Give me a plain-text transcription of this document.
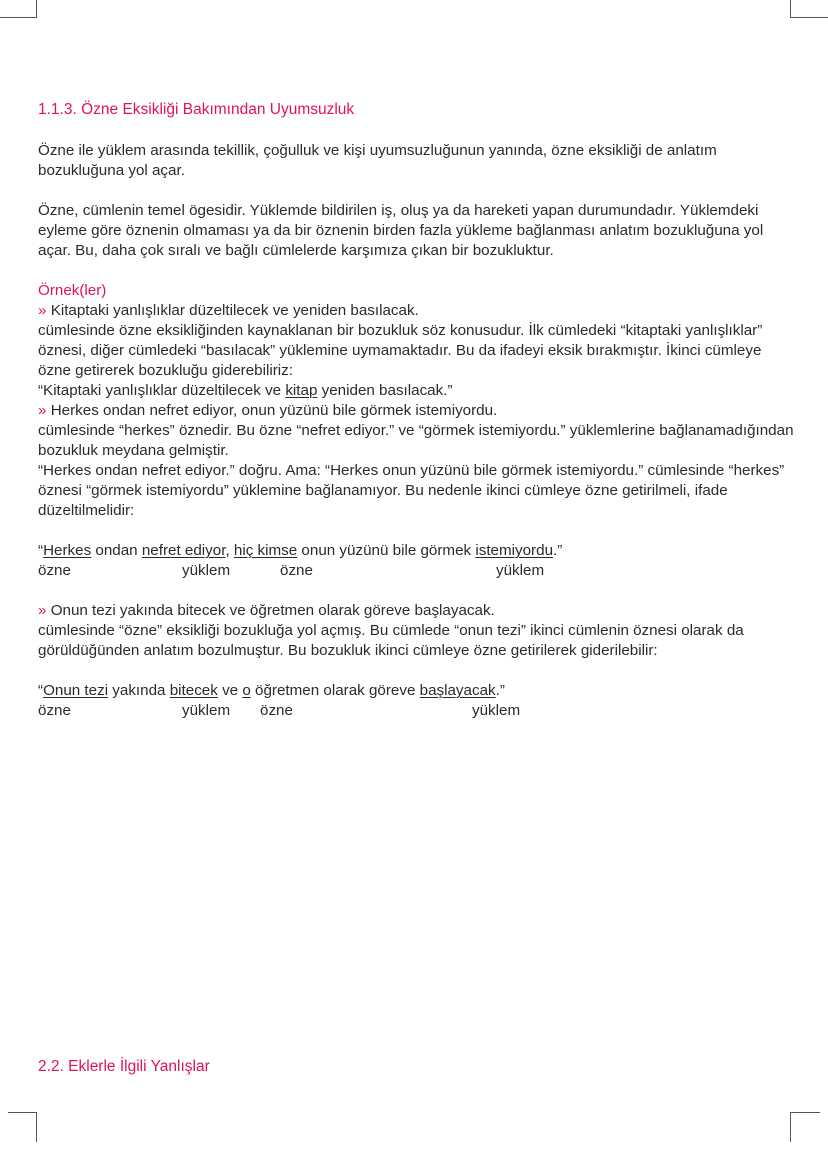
1.1.3. Özne Eksikliği Bakımından Uyumsuzluk

Özne ile yüklem arasında tekillik, çoğulluk ve kişi uyumsuzluğunun yanında, özne eksikliği de anlatım bozukluğuna yol açar.

Özne, cümlenin temel ögesidir. Yüklemde bildirilen iş, oluş ya da hareketi yapan durumundadır. Yüklemdeki eyleme göre öznenin olmaması ya da bir öznenin birden fazla yükleme bağlanması anlatım bozukluğuna yol açar. Bu, daha çok sıralı ve bağlı cümlelerde karşımıza çıkan bir bozukluktur.

Örnek(ler)

» Kitaptaki yanlışlıklar düzeltilecek ve yeniden basılacak.

cümlesinde özne eksikliğinden kaynaklanan bir bozukluk söz konusudur. İlk cümledeki “kitaptaki yanlışlıklar” öznesi, diğer cümledeki “basılacak” yüklemine uymamaktadır. Bu da ifadeyi eksik bırakmıştır. İkinci cümleye özne getirerek bozukluğu giderebiliriz:

“Kitaptaki yanlışlıklar düzeltilecek ve kitap yeniden basılacak.”

» Herkes ondan nefret ediyor, onun yüzünü bile görmek istemiyordu.

cümlesinde “herkes” öznedir. Bu özne “nefret ediyor.” ve “görmek istemiyordu.” yüklemlerine bağlanamadığından bozukluk meydana gelmiştir.

“Herkes ondan nefret ediyor.” doğru. Ama: “Herkes onun yüzünü bile görmek istemiyordu.” cümlesinde “herkes” öznesi “görmek istemiyordu” yüklemine bağlanamıyor. Bu nedenle ikinci cümleye özne getirilmeli, ifade düzeltilmelidir:

“Herkes ondan nefret ediyor, hiç kimse onun yüzünü bile görmek istemiyordu.”

özne	yüklem	özne	yüklem

» Onun tezi yakında bitecek ve öğretmen olarak göreve başlayacak.

cümlesinde “özne” eksikliği bozukluğa yol açmış. Bu cümlede “onun tezi” ikinci cümlenin öznesi olarak da görüldüğünden anlatım bozulmuştur. Bu bozukluk ikinci cümleye özne getirilerek giderilebilir:

“Onun tezi yakında bitecek ve o öğretmen olarak göreve başlayacak.”

özne	yüklem özne	yüklem

2.2. Eklerle İlgili Yanlışlar
